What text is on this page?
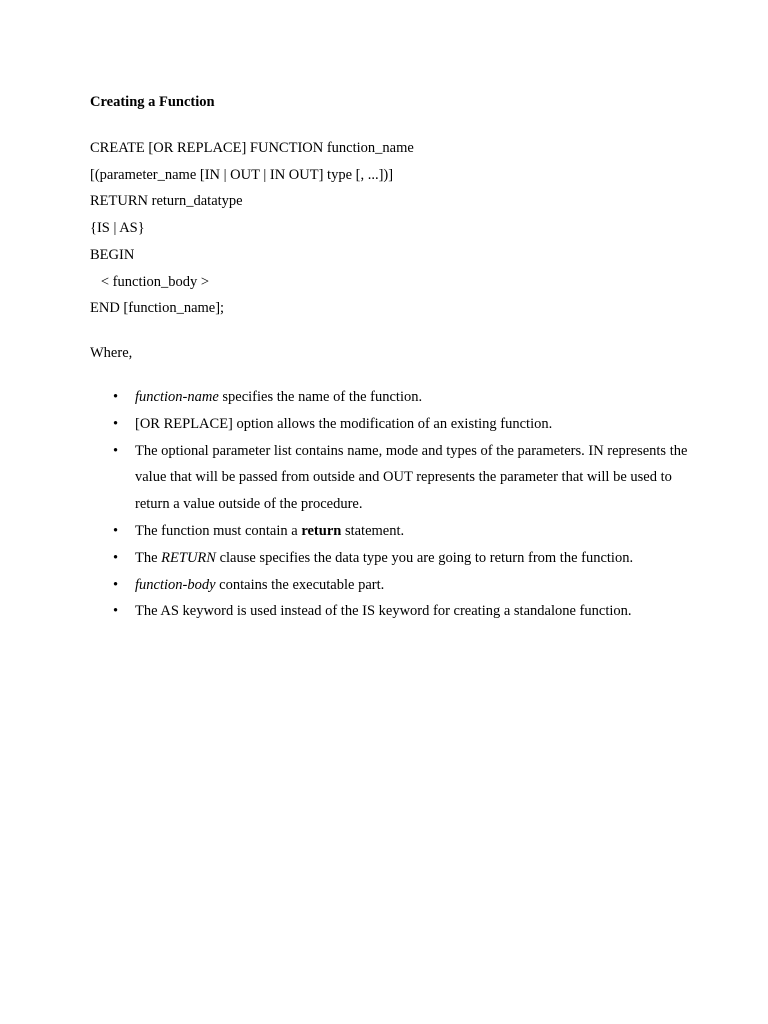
Creating a Function

CREATE [OR REPLACE] FUNCTION function_name
[(parameter_name [IN | OUT | IN OUT] type [, ...])]
RETURN return_datatype
{IS | AS}
BEGIN
< function_body >
END [function_name];
Where,
• function-name specifies the name of the function.
• [OR REPLACE] option allows the modification of an existing function.
• The optional parameter list contains name, mode and types of the parameters. IN represents the value that will be passed from outside and OUT represents the parameter that will be used to return a value outside of the procedure.
• The function must contain a return statement.
• The RETURN clause specifies the data type you are going to return from the function.
• function-body contains the executable part.
• The AS keyword is used instead of the IS keyword for creating a standalone function.
